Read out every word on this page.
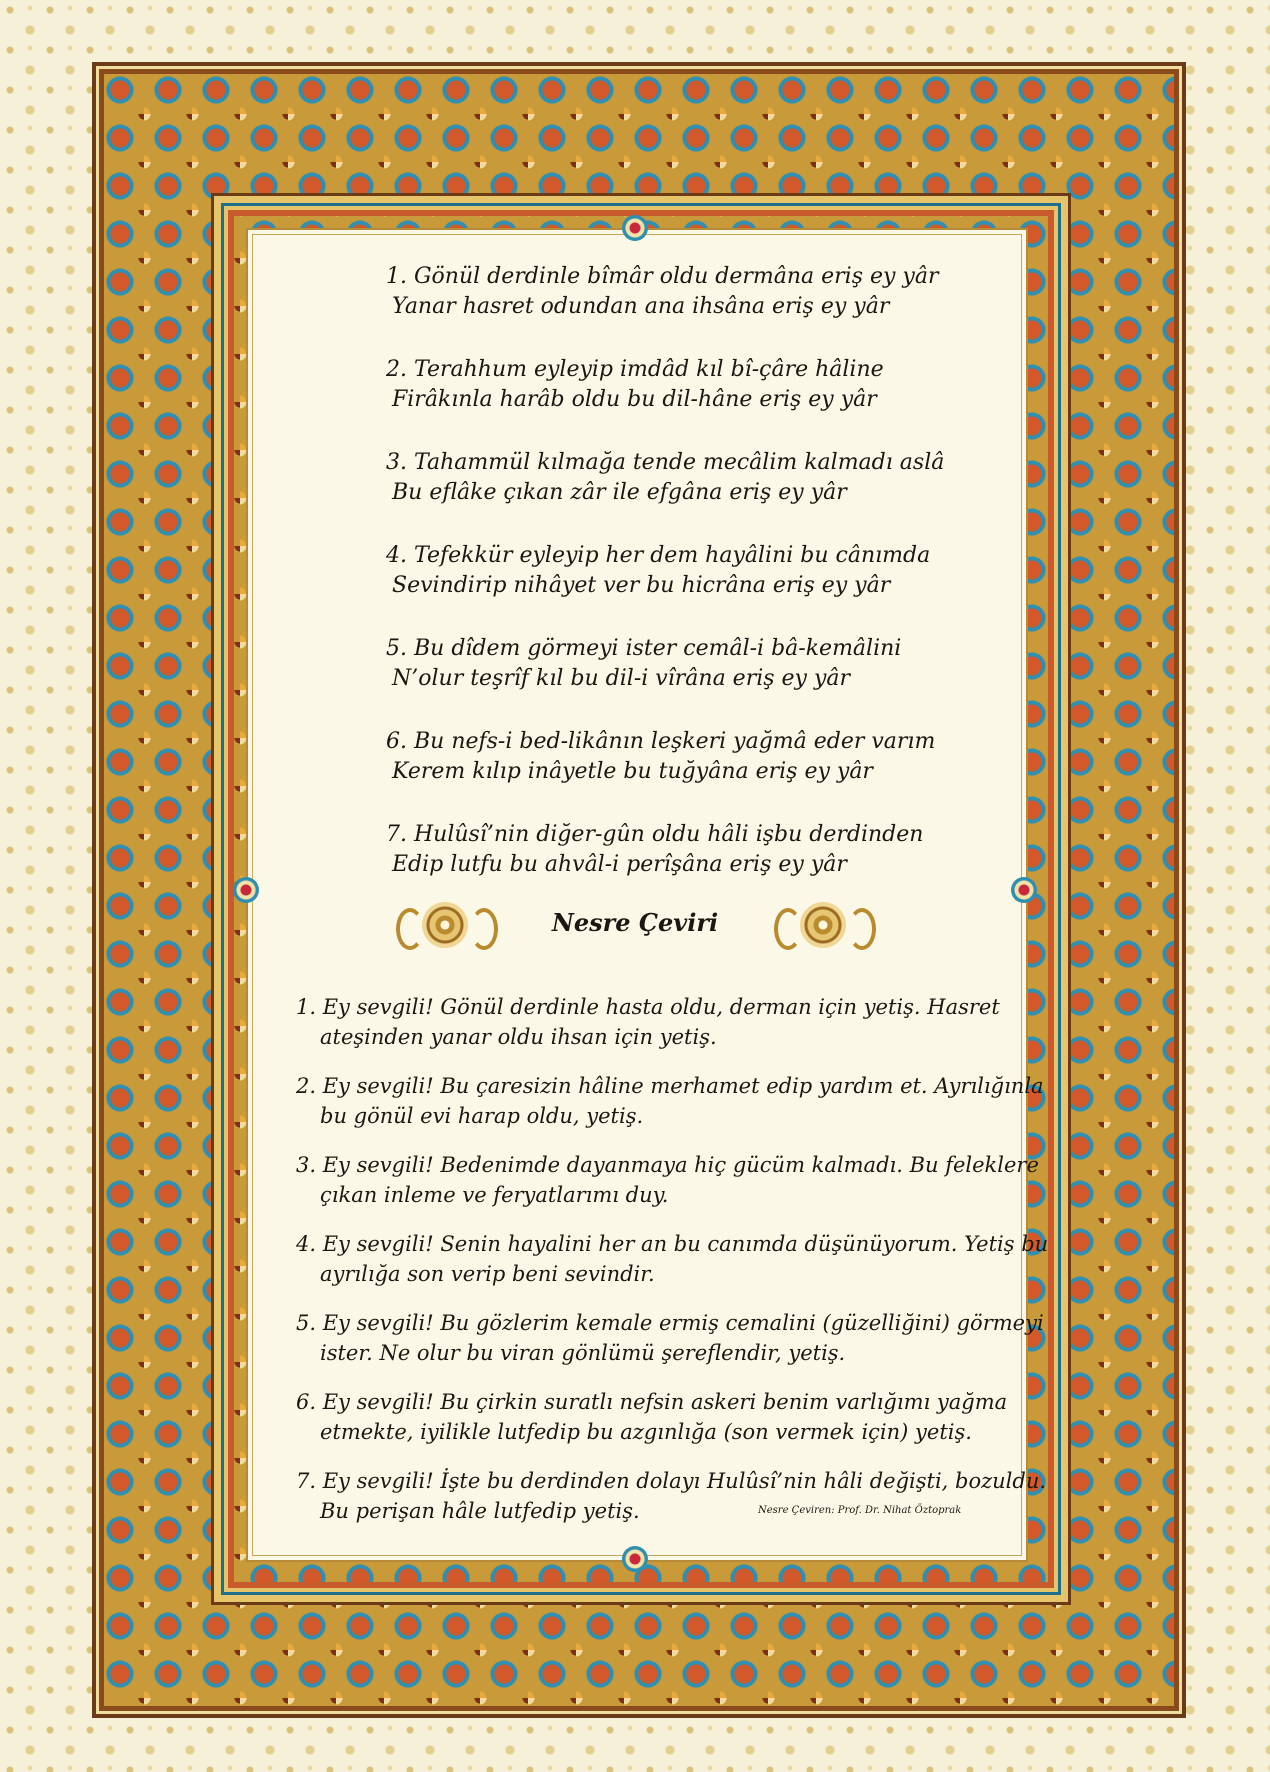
1. Gönül derdinle bîmâr oldu dermâna eriş ey yâr
Yanar hasret odundan ana ihsâna eriş ey yâr
2. Terahhum eyleyip imdâd kıl bî-çâre hâline
Firâkınla harâb oldu bu dil-hâne eriş ey yâr
3. Tahammül kılmağa tende mecâlim kalmadı aslâ
Bu eflâke çıkan zâr ile efgâna eriş ey yâr
4. Tefekkür eyleyip her dem hayâlini bu cânımda
Sevindirip nihâyet ver bu hicrâna eriş ey yâr
5. Bu dîdem görmeyi ister cemâl-i bâ-kemâlini
N’olur teşrîf kıl bu dil-i vîrâna eriş ey yâr
6. Bu nefs-i bed-likânın leşkeri yağmâ eder varım
Kerem kılıp inâyetle bu tuğyâna eriş ey yâr
7. Hulûsî’nin diğer-gûn oldu hâli işbu derdinden
Edip lutfu bu ahvâl-i perîşâna eriş ey yâr
Nesre Çeviri
1. Ey sevgili! Gönül derdinle hasta oldu, derman için yetiş. Hasret
ateşinden yanar oldu ihsan için yetiş.
2. Ey sevgili! Bu çaresizin hâline merhamet edip yardım et. Ayrılığınla
bu gönül evi harap oldu, yetiş.
3. Ey sevgili! Bedenimde dayanmaya hiç gücüm kalmadı. Bu feleklere
çıkan inleme ve feryatlarımı duy.
4. Ey sevgili! Senin hayalini her an bu canımda düşünüyorum. Yetiş bu
ayrılığa son verip beni sevindir.
5. Ey sevgili! Bu gözlerim kemale ermiş cemalini (güzelliğini) görmeyi
ister. Ne olur bu viran gönlümü şereflendir, yetiş.
6. Ey sevgili! Bu çirkin suratlı nefsin askeri benim varlığımı yağma
etmekte, iyilikle lutfedip bu azgınlığa (son vermek için) yetiş.
7. Ey sevgili! İşte bu derdinden dolayı Hulûsî’nin hâli değişti, bozuldu.
Bu perişan hâle lutfedip yetiş.	Nesre Çeviren: Prof. Dr. Nihat Öztoprak
